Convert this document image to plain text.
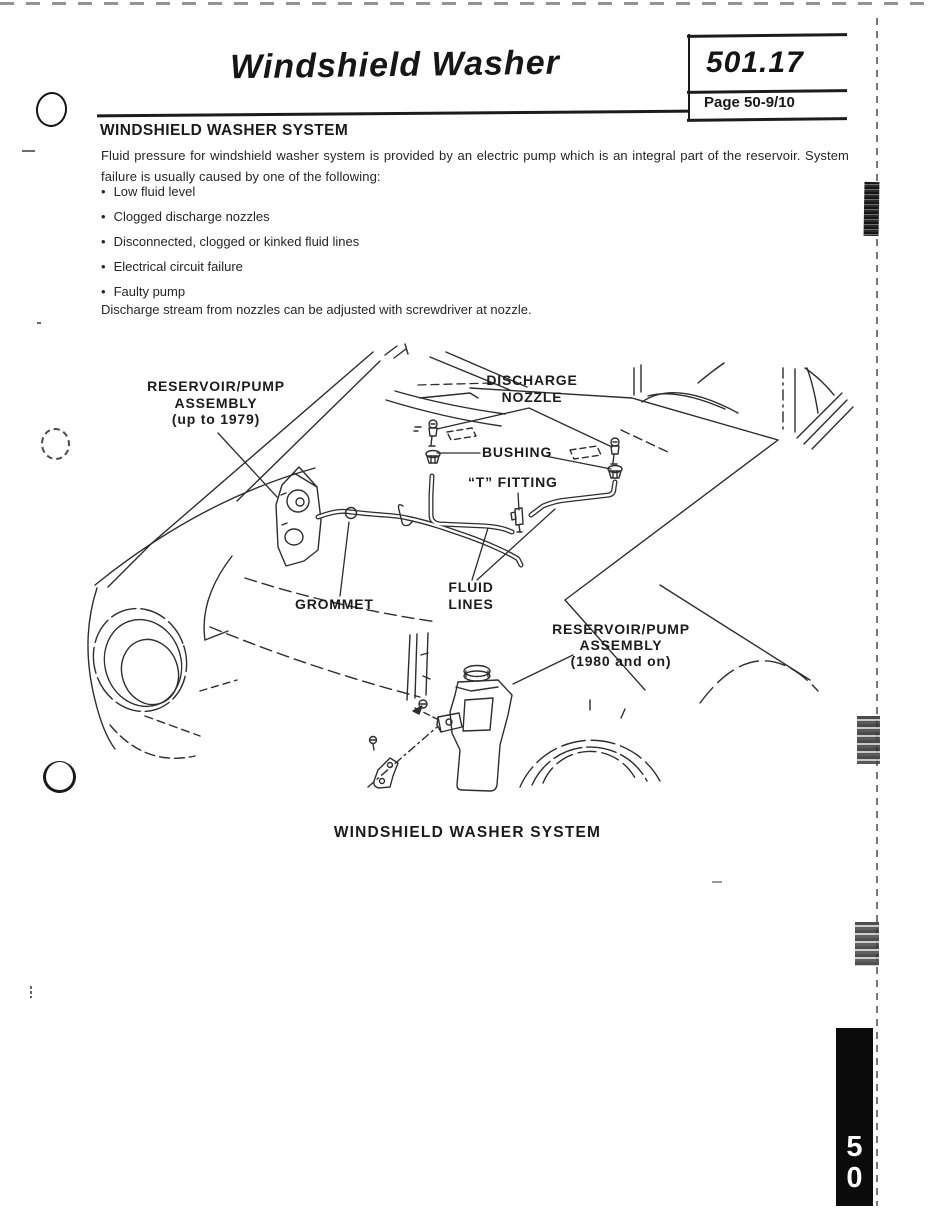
Windshield Washer	501.17
Page 50-9/10
WINDSHIELD WASHER SYSTEM
Fluid pressure for windshield washer system is provided by an electric pump which is an integral part of the reservoir. System failure is usually caused by one of the following:
• Low fluid level
• Clogged discharge nozzles
• Disconnected, clogged or kinked fluid lines
• Electrical circuit failure
• Faulty pump
Discharge stream from nozzles can be adjusted with screwdriver at nozzle.
RESERVOIR/PUMP
ASSEMBLY
(up to 1979)
DISCHARGE
NOZZLE
BUSHING
“T” FITTING
FLUID
LINES
GROMMET
RESERVOIR/PUMP
ASSEMBLY
(1980 and on)
WINDSHIELD WASHER SYSTEM
5
0
